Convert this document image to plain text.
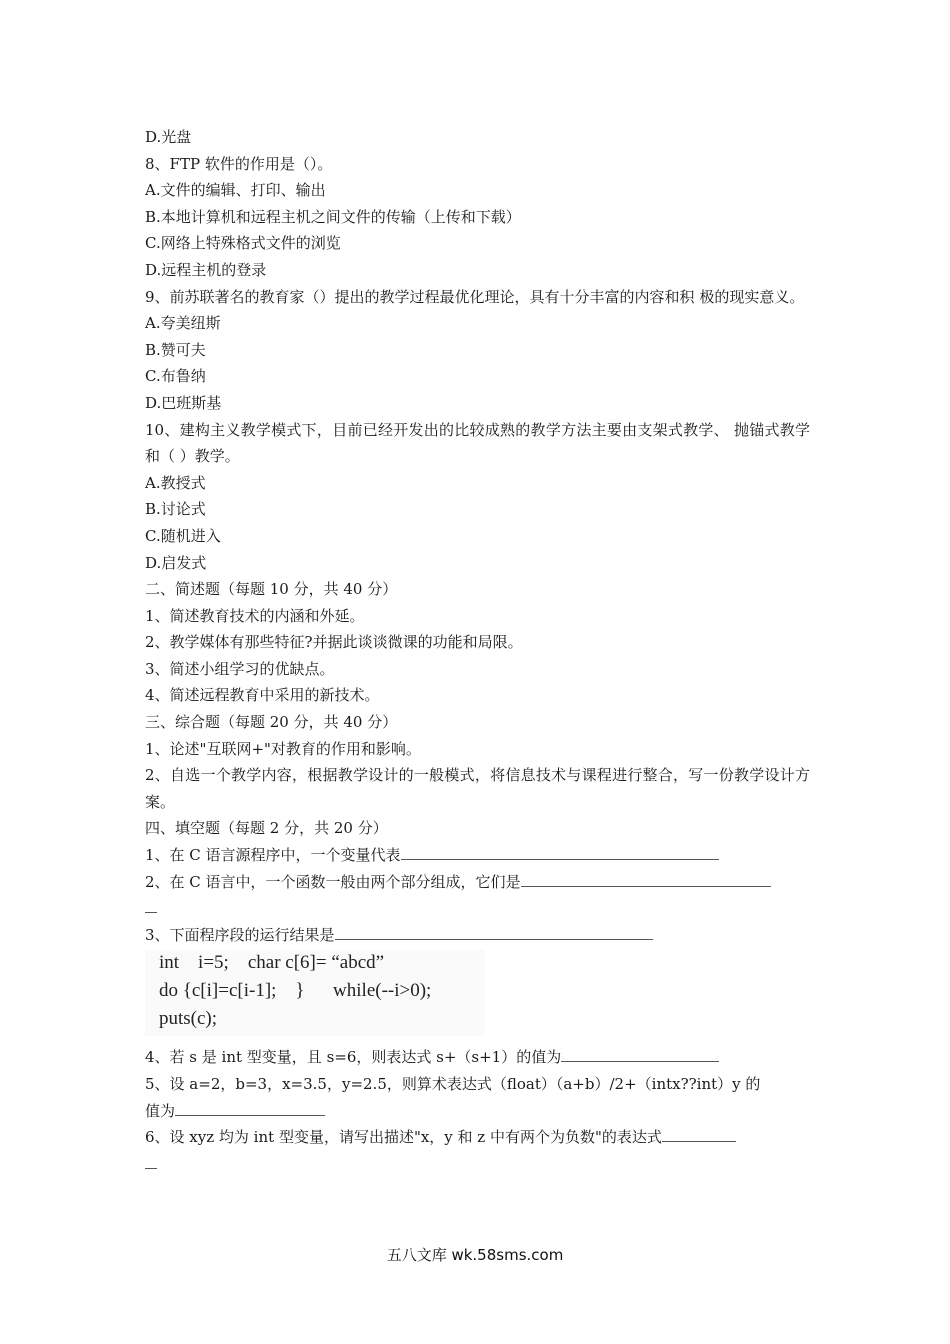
D.光盘
8、FTP 软件的作用是（）。
A.文件的编辑、打印、输出
B.本地计算机和远程主机之间文件的传输（上传和下载）
C.网络上特殊格式文件的浏览
D.远程主机的登录
9、前苏联著名的教育家（）提出的教学过程最优化理论，具有十分丰富的内容和积 极的现实意义。
A.夸美纽斯
B.赞可夫
C.布鲁纳
D.巴班斯基
10、建构主义教学模式下，目前已经开发出的比较成熟的教学方法主要由支架式教学、 抛锚式教学和（ ）教学。
A.教授式
B.讨论式
C.随机进入
D.启发式
二、简述题（每题 10 分，共 40 分）
1、简述教育技术的内涵和外延。
2、教学媒体有那些特征?并据此谈谈微课的功能和局限。
3、简述小组学习的优缺点。
4、简述远程教育中采用的新技术。
三、综合题（每题 20 分，共 40 分）
1、论述"互联网+"对教育的作用和影响。
2、自选一个教学内容，根据教学设计的一般模式，将信息技术与课程进行整合，写一份教学设计方案。
四、填空题（每题 2 分，共 20 分）
1、在 C 语言源程序中，一个变量代表
2、在 C 语言中，一个函数一般由两个部分组成，它们是
3、下面程序段的运行结果是
int    i=5;    char c[6]= “abcd”
do {c[i]=c[i-1];    }      while(--i>0);
puts(c);
4、若 s 是 int 型变量，且 s=6，则表达式 s+（s+1）的值为
5、设 a=2，b=3，x=3.5，y=2.5，则算术表达式（float）（a+b）/2+（intx??int）y 的
值为
6、设 xyz 均为 int 型变量，请写出描述"x，y 和 z 中有两个为负数"的表达式
五八文库 wk.58sms.com
